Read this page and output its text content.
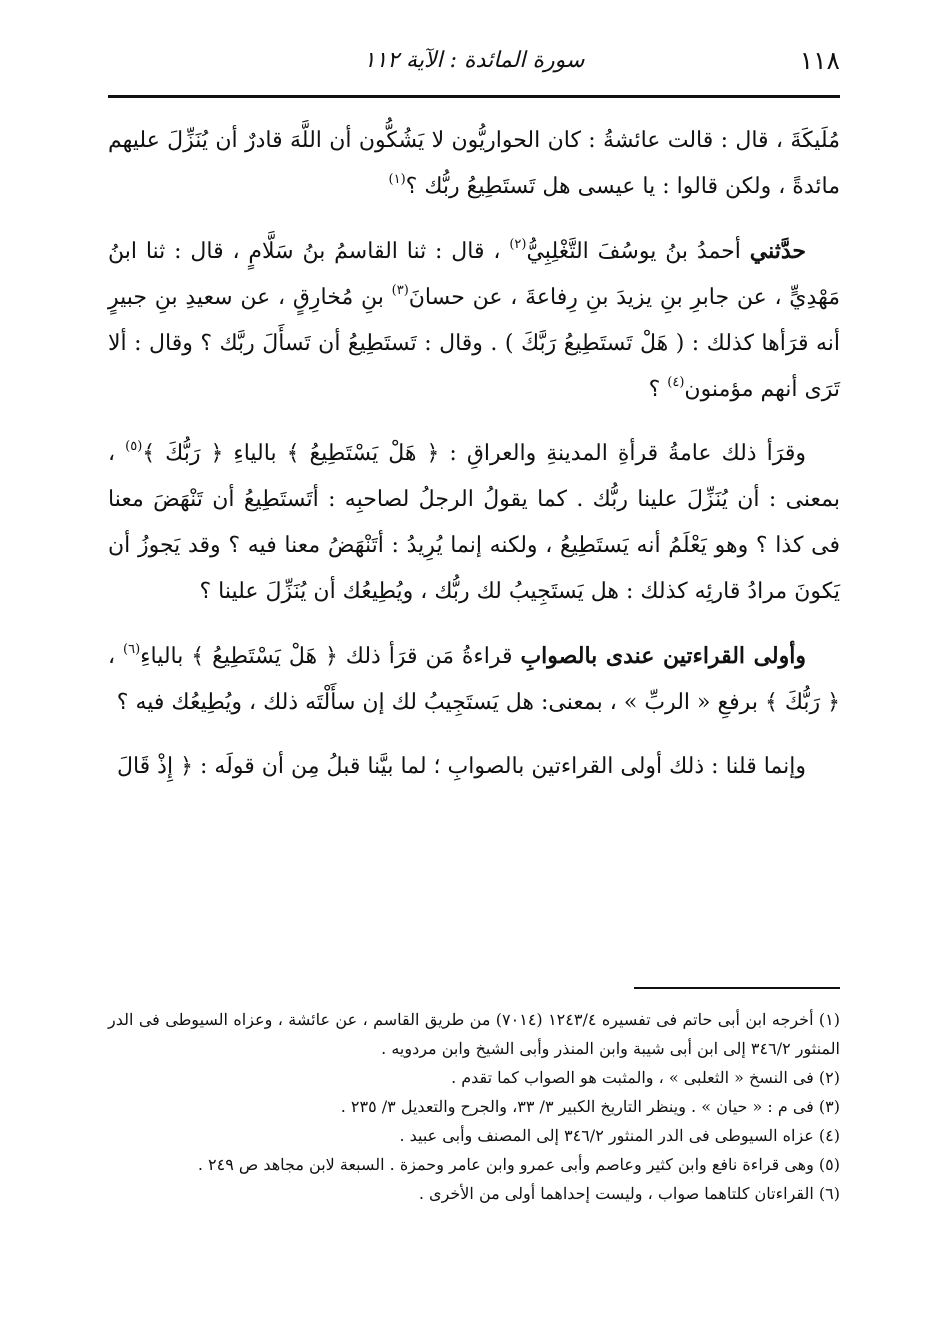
١١٨
سورة المائدة : الآية ١١٢

مُلَيكَةَ ، قال : قالت عائشةُ : كان الحواريُّون لا يَشُكُّون أن اللَّهَ قادرٌ أن يُنَزِّلَ عليهم مائدةً ، ولكن قالوا : يا عيسى هل تَستَطِيعُ ربُّك ؟$^{(١)}$

حدَّثني أحمدُ بنُ يوسُفَ التَّغْلِبِيُّ$^{(٢)}$ ، قال : ثنا القاسمُ بنُ سَلَّامٍ ، قال : ثنا ابنُ مَهْدِيٍّ ، عن جابرِ بنِ يزيدَ بنِ رِفاعةَ ، عن حسانَ$^{(٣)}$ بنِ مُخارِقٍ ، عن سعيدِ بنِ جبيرٍ أنه قرَأها كذلك : ( هَلْ تَستَطِيعُ رَبَّكَ ) . وقال : تَستَطِيعُ أن تَسأَلَ ربَّك ؟ وقال : ألا تَرَى أنهم مؤمنون$^{(٤)}$ ؟

وقرَأ ذلك عامةُ قرأةِ المدينةِ والعراقِ : ﴿ هَلْ يَسْتَطِيعُ ﴾ بالياءِ ﴿ رَبُّكَ ﴾$^{(٥)}$ ، بمعنى : أن يُنَزِّلَ علينا ربُّك . كما يقولُ الرجلُ لصاحبِه : أتَستَطِيعُ أن تَنْهَضَ معنا فى كذا ؟ وهو يَعْلَمُ أنه يَستَطِيعُ ، ولكنه إنما يُرِيدُ : أتَنْهَضُ معنا فيه ؟ وقد يَجوزُ أن يَكونَ مرادُ قارئِه كذلك : هل يَستَجِيبُ لك ربُّك ، ويُطِيعُك أن يُنَزِّلَ علينا ؟

وأولى القراءتين عندى بالصوابِ قراءةُ مَن قرَأ ذلك ﴿ هَلْ يَسْتَطِيعُ ﴾ بالياءِ$^{(٦)}$ ، ﴿ رَبُّكَ ﴾ برفعِ « الربِّ » ، بمعنى: هل يَستَجِيبُ لك إن سأَلْتَه ذلك ، ويُطِيعُك فيه ؟

وإنما قلنا : ذلك أولى القراءتين بالصوابِ ؛ لما بيَّنا قبلُ مِن أن قولَه : ﴿ إِذْ قَالَ

(١) أخرجه ابن أبى حاتم فى تفسيره ١٢٤٣/٤ (٧٠١٤) من طريق القاسم ، عن عائشة ، وعزاه السيوطى فى الدر المنثور ٣٤٦/٢ إلى ابن أبى شيبة وابن المنذر وأبى الشيخ وابن مردويه .

(٢) فى النسخ « الثعلبى » ، والمثبت هو الصواب كما تقدم .

(٣) فى م : « حيان » . وينظر التاريخ الكبير ٣/ ٣٣، والجرح والتعديل ٣/ ٢٣٥ .

(٤) عزاه السيوطى فى الدر المنثور ٣٤٦/٢ إلى المصنف وأبى عبيد .

(٥) وهى قراءة نافع وابن كثير وعاصم وأبى عمرو وابن عامر وحمزة . السبعة لابن مجاهد ص ٢٤٩ .

(٦) القراءتان كلتاهما صواب ، وليست إحداهما أولى من الأخرى .
